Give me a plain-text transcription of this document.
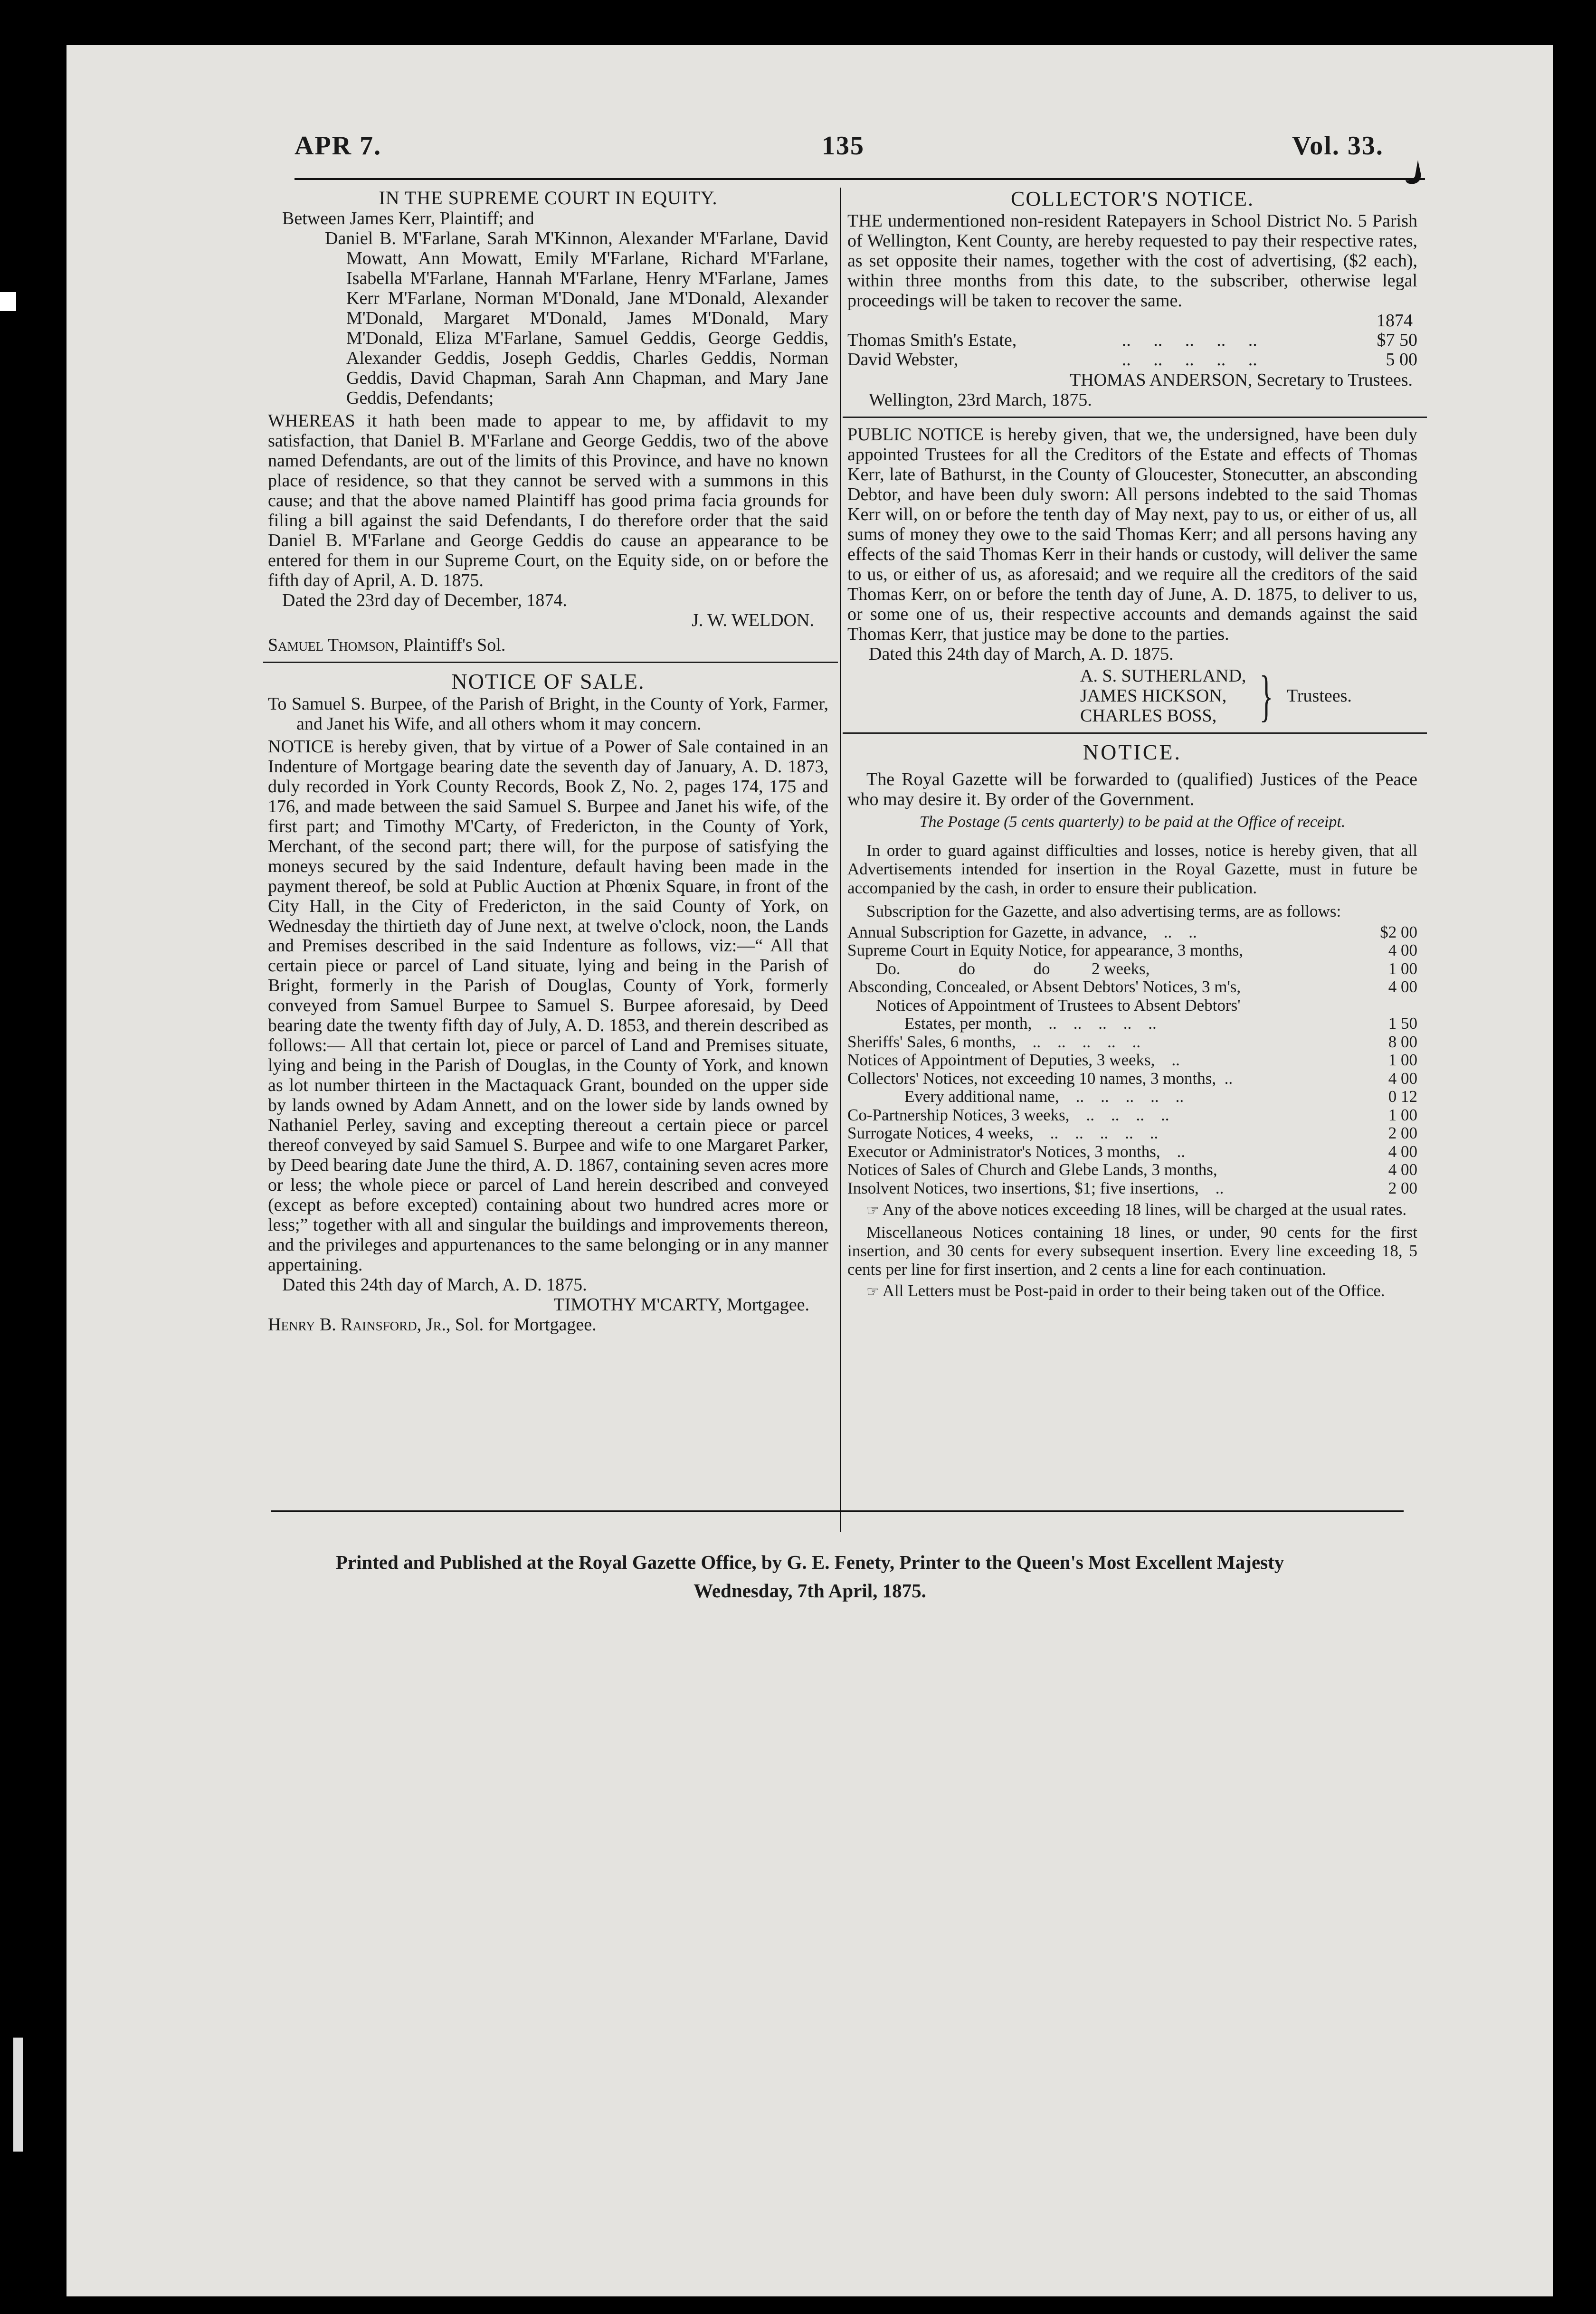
APR 7.	135	Vol. 33.

IN THE SUPREME COURT IN EQUITY.

Between James Kerr, Plaintiff; and

Daniel B. M'Farlane, Sarah M'Kinnon, Alexander M'Farlane, David Mowatt, Ann Mowatt, Emily M'Farlane, Richard M'Farlane, Isabella M'Farlane, Hannah M'Farlane, Henry M'Farlane, James Kerr M'Farlane, Norman M'Donald, Jane M'Donald, Alexander M'Donald, Margaret M'Donald, James M'Donald, Mary M'Donald, Eliza M'Farlane, Samuel Geddis, George Geddis, Alexander Geddis, Joseph Geddis, Charles Geddis, Norman Geddis, David Chapman, Sarah Ann Chapman, and Mary Jane Geddis, Defendants;

WHEREAS it hath been made to appear to me, by affidavit to my satisfaction, that Daniel B. M'Farlane and George Geddis, two of the above named Defendants, are out of the limits of this Province, and have no known place of residence, so that they cannot be served with a summons in this cause; and that the above named Plaintiff has good prima facia grounds for filing a bill against the said Defendants, I do therefore order that the said Daniel B. M'Farlane and George Geddis do cause an appearance to be entered for them in our Supreme Court, on the Equity side, on or before the fifth day of April, A. D. 1875.

Dated the 23rd day of December, 1874.

J. W. WELDON.

Samuel Thomson, Plaintiff's Sol.

NOTICE OF SALE.

To Samuel S. Burpee, of the Parish of Bright, in the County of York, Farmer, and Janet his Wife, and all others whom it may concern.

NOTICE is hereby given, that by virtue of a Power of Sale contained in an Indenture of Mortgage bearing date the seventh day of January, A. D. 1873, duly recorded in York County Records, Book Z, No. 2, pages 174, 175 and 176, and made between the said Samuel S. Burpee and Janet his wife, of the first part; and Timothy M'Carty, of Fredericton, in the County of York, Merchant, of the second part; there will, for the purpose of satisfying the moneys secured by the said Indenture, default having been made in the payment thereof, be sold at Public Auction at Phœnix Square, in front of the City Hall, in the City of Fredericton, in the said County of York, on Wednesday the thirtieth day of June next, at twelve o'clock, noon, the Lands and Premises described in the said Indenture as follows, viz:—“ All that certain piece or parcel of Land situate, lying and being in the Parish of Bright, formerly in the Parish of Douglas, County of York, formerly conveyed from Samuel Burpee to Samuel S. Burpee aforesaid, by Deed bearing date the twenty fifth day of July, A. D. 1853, and therein described as follows:— All that certain lot, piece or parcel of Land and Premises situate, lying and being in the Parish of Douglas, in the County of York, and known as lot number thirteen in the Mactaquack Grant, bounded on the upper side by lands owned by Adam Annett, and on the lower side by lands owned by Nathaniel Perley, saving and excepting thereout a certain piece or parcel thereof conveyed by said Samuel S. Burpee and wife to one Margaret Parker, by Deed bearing date June the third, A. D. 1867, containing seven acres more or less; the whole piece or parcel of Land herein described and conveyed (except as before excepted) containing about two hundred acres more or less;” together with all and singular the buildings and improvements thereon, and the privileges and appurtenances to the same belonging or in any manner appertaining.

Dated this 24th day of March, A. D. 1875.

TIMOTHY M'CARTY, Mortgagee.

Henry B. Rainsford, Jr., Sol. for Mortgagee.

COLLECTOR'S NOTICE.

THE undermentioned non-resident Ratepayers in School District No. 5 Parish of Wellington, Kent County, are hereby requested to pay their respective rates, as set opposite their names, together with the cost of advertising, ($2 each), within three months from this date, to the subscriber, otherwise legal proceedings will be taken to recover the same.

1874

Thomas Smith's Estate,	..     ..     ..     ..     ..	$7 50
David Webster,	..     ..     ..     ..     ..	5 00

THOMAS ANDERSON, Secretary to Trustees.

Wellington, 23rd March, 1875.

PUBLIC NOTICE is hereby given, that we, the undersigned, have been duly appointed Trustees for all the Creditors of the Estate and effects of Thomas Kerr, late of Bathurst, in the County of Gloucester, Stonecutter, an absconding Debtor, and have been duly sworn: All persons indebted to the said Thomas Kerr will, on or before the tenth day of May next, pay to us, or either of us, all sums of money they owe to the said Thomas Kerr; and all persons having any effects of the said Thomas Kerr in their hands or custody, will deliver the same to us, or either of us, as aforesaid; and we require all the creditors of the said Thomas Kerr, on or before the tenth day of June, A. D. 1875, to deliver to us, or some one of us, their respective accounts and demands against the said Thomas Kerr, that justice may be done to the parties.

Dated this 24th day of March, A. D. 1875.

A. S. SUTHERLAND,
JAMES HICKSON,
CHARLES BOSS, } Trustees.

NOTICE.

The Royal Gazette will be forwarded to (qualified) Justices of the Peace who may desire it. By order of the Government.

The Postage (5 cents quarterly) to be paid at the Office of receipt.

In order to guard against difficulties and losses, notice is hereby given, that all Advertisements intended for insertion in the Royal Gazette, must in future be accompanied by the cash, in order to ensure their publication.

Subscription for the Gazette, and also advertising terms, are as follows:

Annual Subscription for Gazette, in advance,    ..    ..	$2 00
Supreme Court in Equity Notice, for appearance, 3 months,	4 00
Do.              do              do          2 weeks,	1 00
Absconding, Concealed, or Absent Debtors' Notices, 3 m's,	4 00
Notices of Appointment of Trustees to Absent Debtors'	
Estates, per month,    ..    ..    ..    ..    ..	1 50
Sheriffs' Sales, 6 months,    ..    ..    ..    ..    ..	8 00
Notices of Appointment of Deputies, 3 weeks,    ..	1 00
Collectors' Notices, not exceeding 10 names, 3 months,  ..	4 00
Every additional name,    ..    ..    ..    ..    ..	0 12
Co-Partnership Notices, 3 weeks,    ..    ..    ..    ..	1 00
Surrogate Notices, 4 weeks,    ..    ..    ..    ..    ..	2 00
Executor or Administrator's Notices, 3 months,    ..	4 00
Notices of Sales of Church and Glebe Lands, 3 months,	4 00
Insolvent Notices, two insertions, $1; five insertions,    ..	2 00

☞ Any of the above notices exceeding 18 lines, will be charged at the usual rates.

Miscellaneous Notices containing 18 lines, or under, 90 cents for the first insertion, and 30 cents for every subsequent insertion. Every line exceeding 18, 5 cents per line for first insertion, and 2 cents a line for each continuation.

☞ All Letters must be Post-paid in order to their being taken out of the Office.

Printed and Published at the Royal Gazette Office, by G. E. Fenety, Printer to the Queen's Most Excellent Majesty
Wednesday, 7th April, 1875.
